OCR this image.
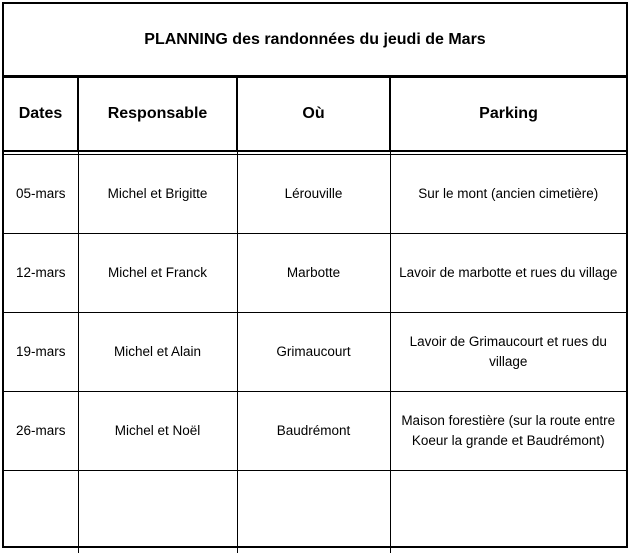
PLANNING des randonnées du jeudi de Mars
Dates	Responsable	Où	Parking

05-mars	Michel et Brigitte	Lérouville	Sur le mont (ancien cimetière)
12-mars	Michel et Franck	Marbotte	Lavoir de marbotte et rues du village
19-mars	Michel et Alain	Grimaucourt	Lavoir de Grimaucourt et rues du village
26-mars	Michel et Noël	Baudrémont	Maison forestière (sur la route entre Koeur la grande et Baudrémont)
